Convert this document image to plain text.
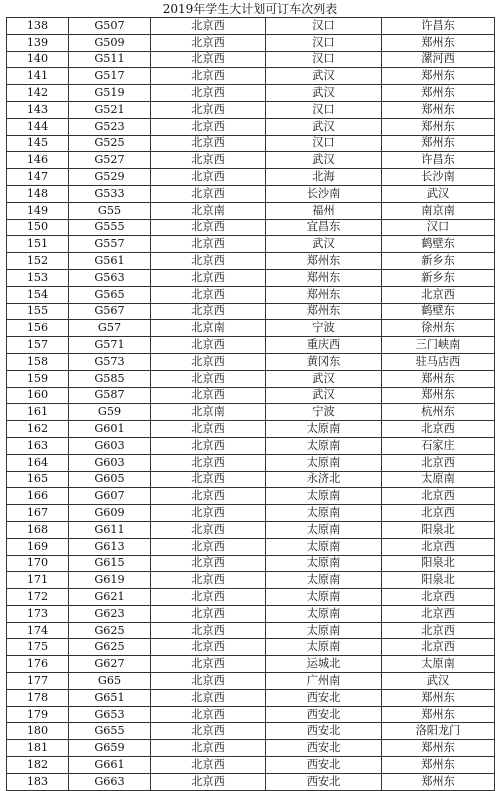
2019年学生大计划可订车次列表
138	G507	北京西	汉口	许昌东
139	G509	北京西	汉口	郑州东
140	G511	北京西	汉口	漯河西
141	G517	北京西	武汉	郑州东
142	G519	北京西	武汉	郑州东
143	G521	北京西	汉口	郑州东
144	G523	北京西	武汉	郑州东
145	G525	北京西	汉口	郑州东
146	G527	北京西	武汉	许昌东
147	G529	北京西	北海	长沙南
148	G533	北京西	长沙南	武汉
149	G55	北京南	福州	南京南
150	G555	北京西	宜昌东	汉口
151	G557	北京西	武汉	鹤壁东
152	G561	北京西	郑州东	新乡东
153	G563	北京西	郑州东	新乡东
154	G565	北京西	郑州东	北京西
155	G567	北京西	郑州东	鹤壁东
156	G57	北京南	宁波	徐州东
157	G571	北京西	重庆西	三门峡南
158	G573	北京西	黄冈东	驻马店西
159	G585	北京西	武汉	郑州东
160	G587	北京西	武汉	郑州东
161	G59	北京南	宁波	杭州东
162	G601	北京西	太原南	北京西
163	G603	北京西	太原南	石家庄
164	G603	北京西	太原南	北京西
165	G605	北京西	永济北	太原南
166	G607	北京西	太原南	北京西
167	G609	北京西	太原南	北京西
168	G611	北京西	太原南	阳泉北
169	G613	北京西	太原南	北京西
170	G615	北京西	太原南	阳泉北
171	G619	北京西	太原南	阳泉北
172	G621	北京西	太原南	北京西
173	G623	北京西	太原南	北京西
174	G625	北京西	太原南	北京西
175	G625	北京西	太原南	北京西
176	G627	北京西	运城北	太原南
177	G65	北京西	广州南	武汉
178	G651	北京西	西安北	郑州东
179	G653	北京西	西安北	郑州东
180	G655	北京西	西安北	洛阳龙门
181	G659	北京西	西安北	郑州东
182	G661	北京西	西安北	郑州东
183	G663	北京西	西安北	郑州东
